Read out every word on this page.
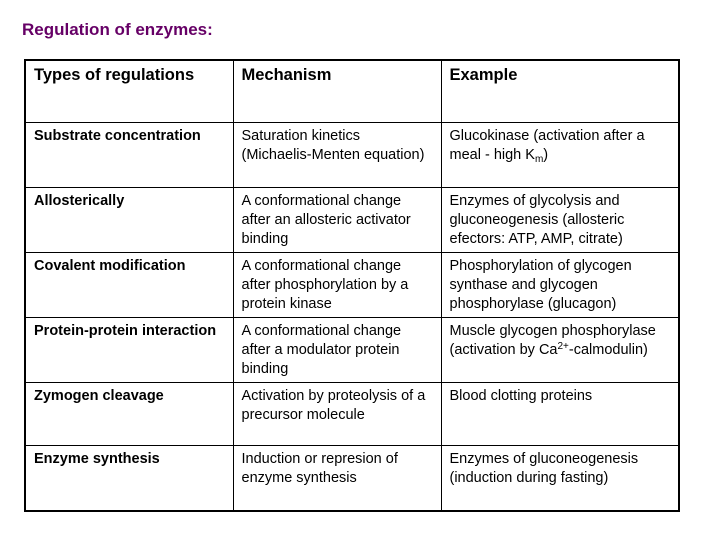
Regulation of enzymes:
Types of regulations	Mechanism	Example
Substrate concentration	Saturation kinetics (Michaelis-Menten equation)	Glucokinase (activation after a meal - high $K_m$)
Allosterically	A conformational change after an allosteric activator binding	Enzymes of glycolysis and gluconeogenesis (allosteric efectors: ATP, AMP, citrate)
Covalent modification	A conformational change after phosphorylation by a protein kinase	Phosphorylation of glycogen synthase and glycogen phosphorylase (glucagon)
Protein-protein interaction	A conformational change after a modulator protein binding	Muscle glycogen phosphorylase (activation by $Ca^{2+}-calmodulin$)
Zymogen cleavage	Activation by proteolysis of a precursor molecule	Blood clotting proteins
Enzyme synthesis	Induction or represion of enzyme synthesis	Enzymes of gluconeogenesis (induction during fasting)
